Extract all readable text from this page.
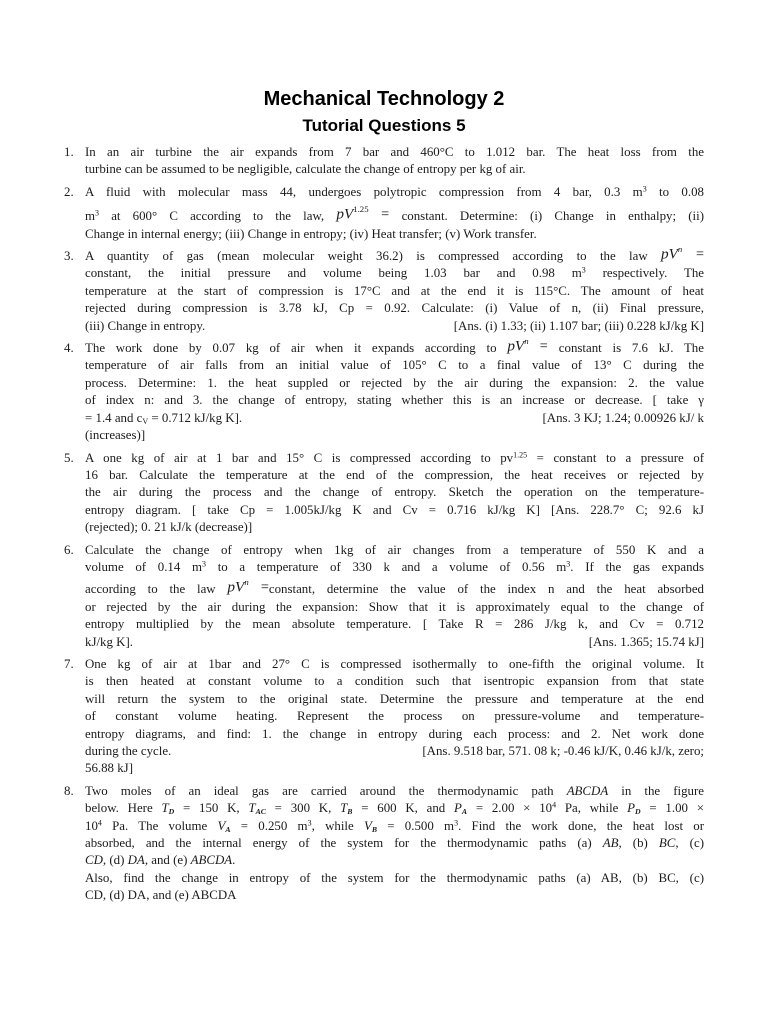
Mechanical Technology 2
Tutorial Questions 5
1. In an air turbine the air expands from 7 bar and 460°C to 1.012 bar. The heat loss from the
turbine can be assumed to be negligible, calculate the change of entropy per kg of air.
2. A fluid with molecular mass 44, undergoes polytropic compression from 4 bar, 0.3 $m^3$ to 0.08
$m^3$ at 600° C according to the law, $pV^{1.25}$ = constant. Determine: (i) Change in enthalpy; (ii)
Change in internal energy; (iii) Change in entropy; (iv) Heat transfer; (v) Work transfer.
3. A quantity of gas (mean molecular weight 36.2) is compressed according to the law $pV^n$ =
constant, the initial pressure and volume being 1.03 bar and 0.98 $m^3$ respectively. The
temperature at the start of compression is 17°C and at the end it is 115°C. The amount of heat
rejected during compression is 3.78 kJ, Cp = 0.92. Calculate: (i) Value of n, (ii) Final pressure,
(iii) Change in entropy.	[Ans. (i) 1.33; (ii) 1.107 bar; (iii) 0.228 kJ/kg K]
4. The work done by 0.07 kg of air when it expands according to $pV^n$ = constant is 7.6 kJ. The
temperature of air falls from an initial value of 105° C to a final value of 13° C during the
process. Determine: 1. the heat suppled or rejected by the air during the expansion: 2. the value
of index n: and 3. the change of entropy, stating whether this is an increase or decrease. [ take γ
= 1.4 and cV = 0.712 kJ/kg K].	[Ans. 3 KJ; 1.24; 0.00926 kJ/ k
(increases)]
5. A one kg of air at 1 bar and 15° C is compressed according to $pv^{1.25}$ = constant to a pressure of
16 bar. Calculate the temperature at the end of the compression, the heat receives or rejected by
the air during the process and the change of entropy. Sketch the operation on the temperature-
entropy diagram. [ take Cp = 1.005kJ/kg K and Cv = 0.716 kJ/kg K] [Ans. 228.7° C; 92.6 kJ
(rejected); 0. 21 kJ/k (decrease)]
6. Calculate the change of entropy when 1kg of air changes from a temperature of 550 K and a
volume of 0.14 $m^3$ to a temperature of 330 k and a volume of 0.56 $m^3$. If the gas expands
according to the law $pV^n$ =constant, determine the value of the index n and the heat absorbed
or rejected by the air during the expansion: Show that it is approximately equal to the change of
entropy multiplied by the mean absolute temperature. [ Take R = 286 J/kg k, and Cv = 0.712
kJ/kg K].	[Ans. 1.365; 15.74 kJ]
7. One kg of air at 1bar and 27° C is compressed isothermally to one-fifth the original volume. It
is then heated at constant volume to a condition such that isentropic expansion from that state
will return the system to the original state. Determine the pressure and temperature at the end
of constant volume heating. Represent the process on pressure-volume and temperature-
entropy diagrams, and find: 1. the change in entropy during each process: and 2. Net work done
during the cycle.	[Ans. 9.518 bar, 571. 08 k; -0.46 kJ/K, 0.46 kJ/k, zero;
56.88 kJ]
8. Two moles of an ideal gas are carried around the thermodynamic path ABCDA in the figure
below. Here TD = 150 K, TAC = 300 K, TB = 600 K, and PA = $2.00 \times 10^4$ Pa, while PD = 1.00 ×
$10^4$ Pa. The volume VA = 0.250 $m^3$, while VB = 0.500 $m^3$. Find the work done, the heat lost or
absorbed, and the internal energy of the system for the thermodynamic paths (a) AB, (b) BC, (c)
CD, (d) DA, and (e) ABCDA.
Also, find the change in entropy of the system for the thermodynamic paths (a) AB, (b) BC, (c)
CD, (d) DA, and (e) ABCDA
